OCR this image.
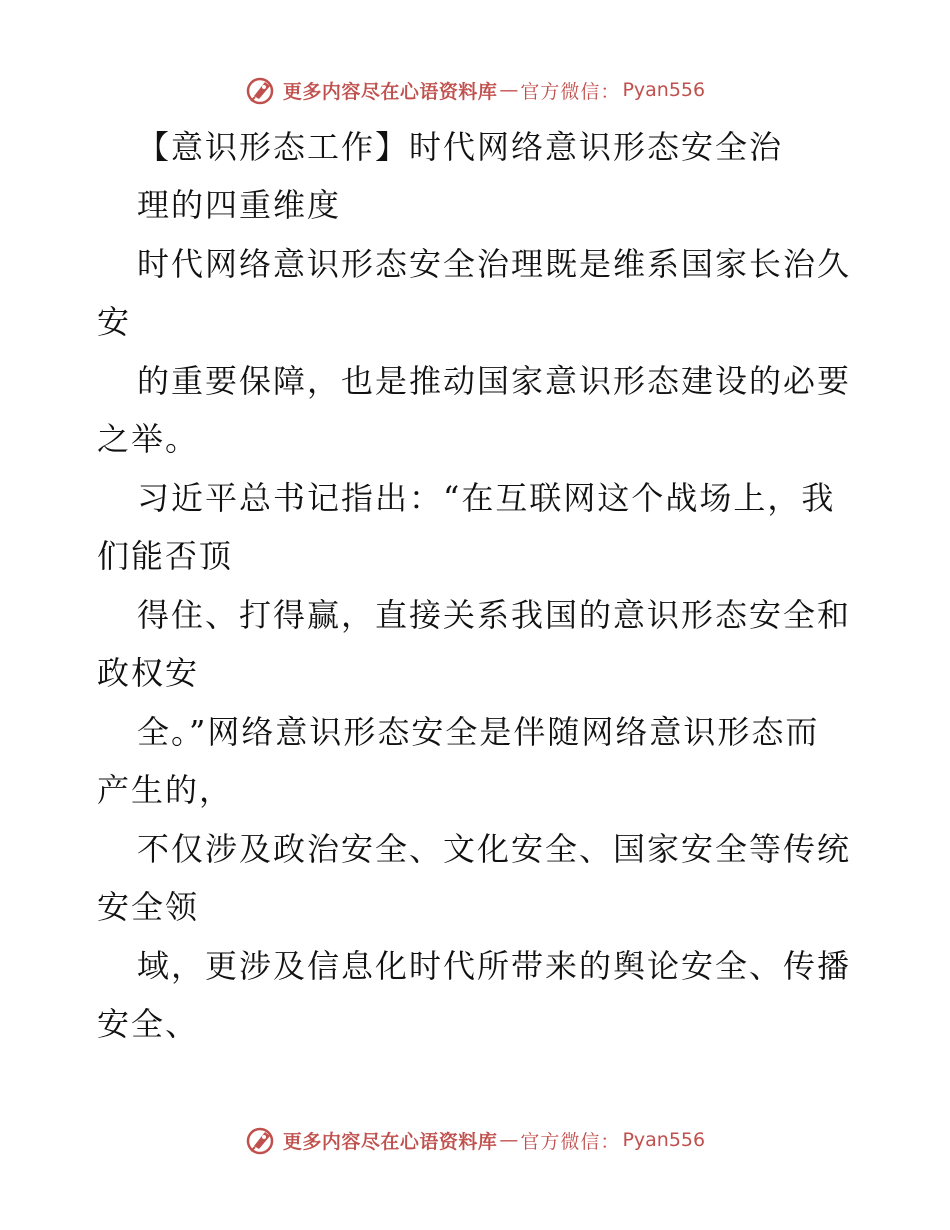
更多内容尽在心语资料库 — 官方微信： Pyan556
【意识形态工作】时代网络意识形态安全治
理的四重维度
时代网络意识形态安全治理既是维系国家长治久
安
的重要保障，也是推动国家意识形态建设的必要
之举。
习近平总书记指出：“在互联网这个战场上，我
们能否顶
得住、打得赢，直接关系我国的意识形态安全和
政权安
全。”网络意识形态安全是伴随网络意识形态而
产生的，
不仅涉及政治安全、文化安全、国家安全等传统
安全领
域，更涉及信息化时代所带来的舆论安全、传播
安全、
更多内容尽在心语资料库 — 官方微信： Pyan556
